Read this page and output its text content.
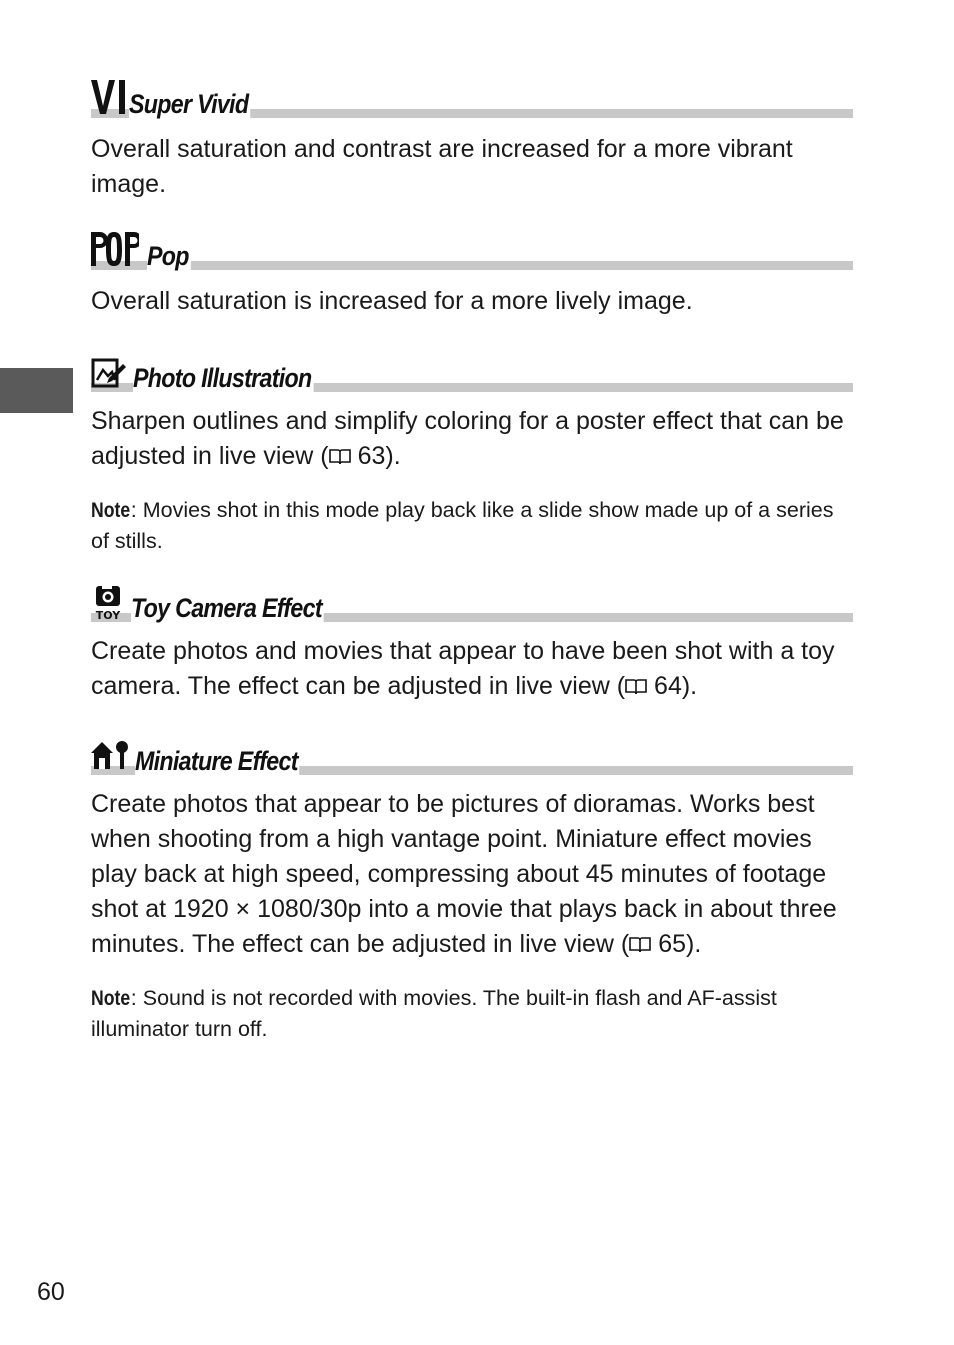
Super Vivid

Overall saturation and contrast are increased for a more vibrant image.

Pop

Overall saturation is increased for a more lively image.

Photo Illustration

Sharpen outlines and simplify coloring for a poster effect that can be adjusted in live view ( 63).

Note: Movies shot in this mode play back like a slide show made up of a series of stills.

TOY Toy Camera Effect

Create photos and movies that appear to have been shot with a toy camera. The effect can be adjusted in live view ( 64).

Miniature Effect

Create photos that appear to be pictures of dioramas. Works best when shooting from a high vantage point. Miniature effect movies play back at high speed, compressing about 45 minutes of footage shot at 1920 × 1080/30p into a movie that plays back in about three minutes. The effect can be adjusted in live view ( 65).

Note: Sound is not recorded with movies. The built-in flash and AF-assist illuminator turn off.

60
